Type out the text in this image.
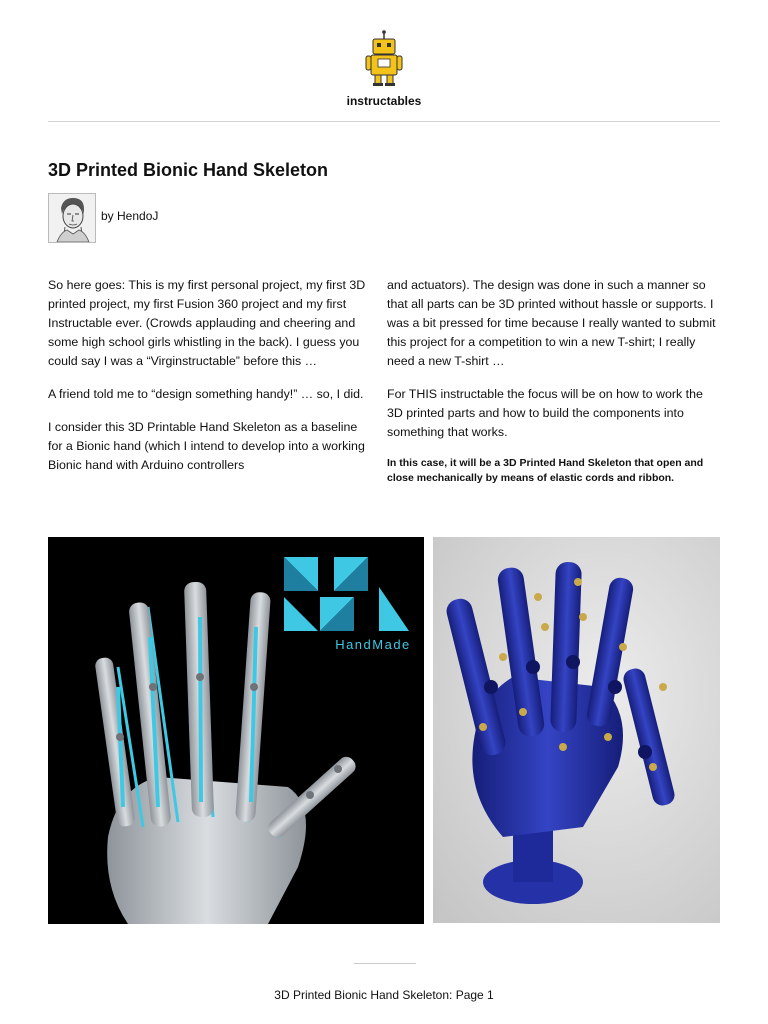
instructables
3D Printed Bionic Hand Skeleton
by HendoJ

So here goes: This is my first personal project, my first 3D printed project, my first Fusion 360 project and my first Instructable ever. (Crowds applauding and cheering and some high school girls whistling in the back). I guess you could say I was a “Virginstructable” before this …

A friend told me to “design something handy!” … so, I did.

I consider this 3D Printable Hand Skeleton as a baseline for a Bionic hand (which I intend to develop into a working Bionic hand with Arduino controllers

and actuators). The design was done in such a manner so that all parts can be 3D printed without hassle or supports. I was a bit pressed for time because I really wanted to submit this project for a competition to win a new T-shirt; I really need a new T-shirt …

For THIS instructable the focus will be on how to work the 3D printed parts and how to build the components into something that works.

In this case, it will be a 3D Printed Hand Skeleton that open and close mechanically by means of elastic cords and ribbon.

HandMade
3D Printed Bionic Hand Skeleton: Page 1
